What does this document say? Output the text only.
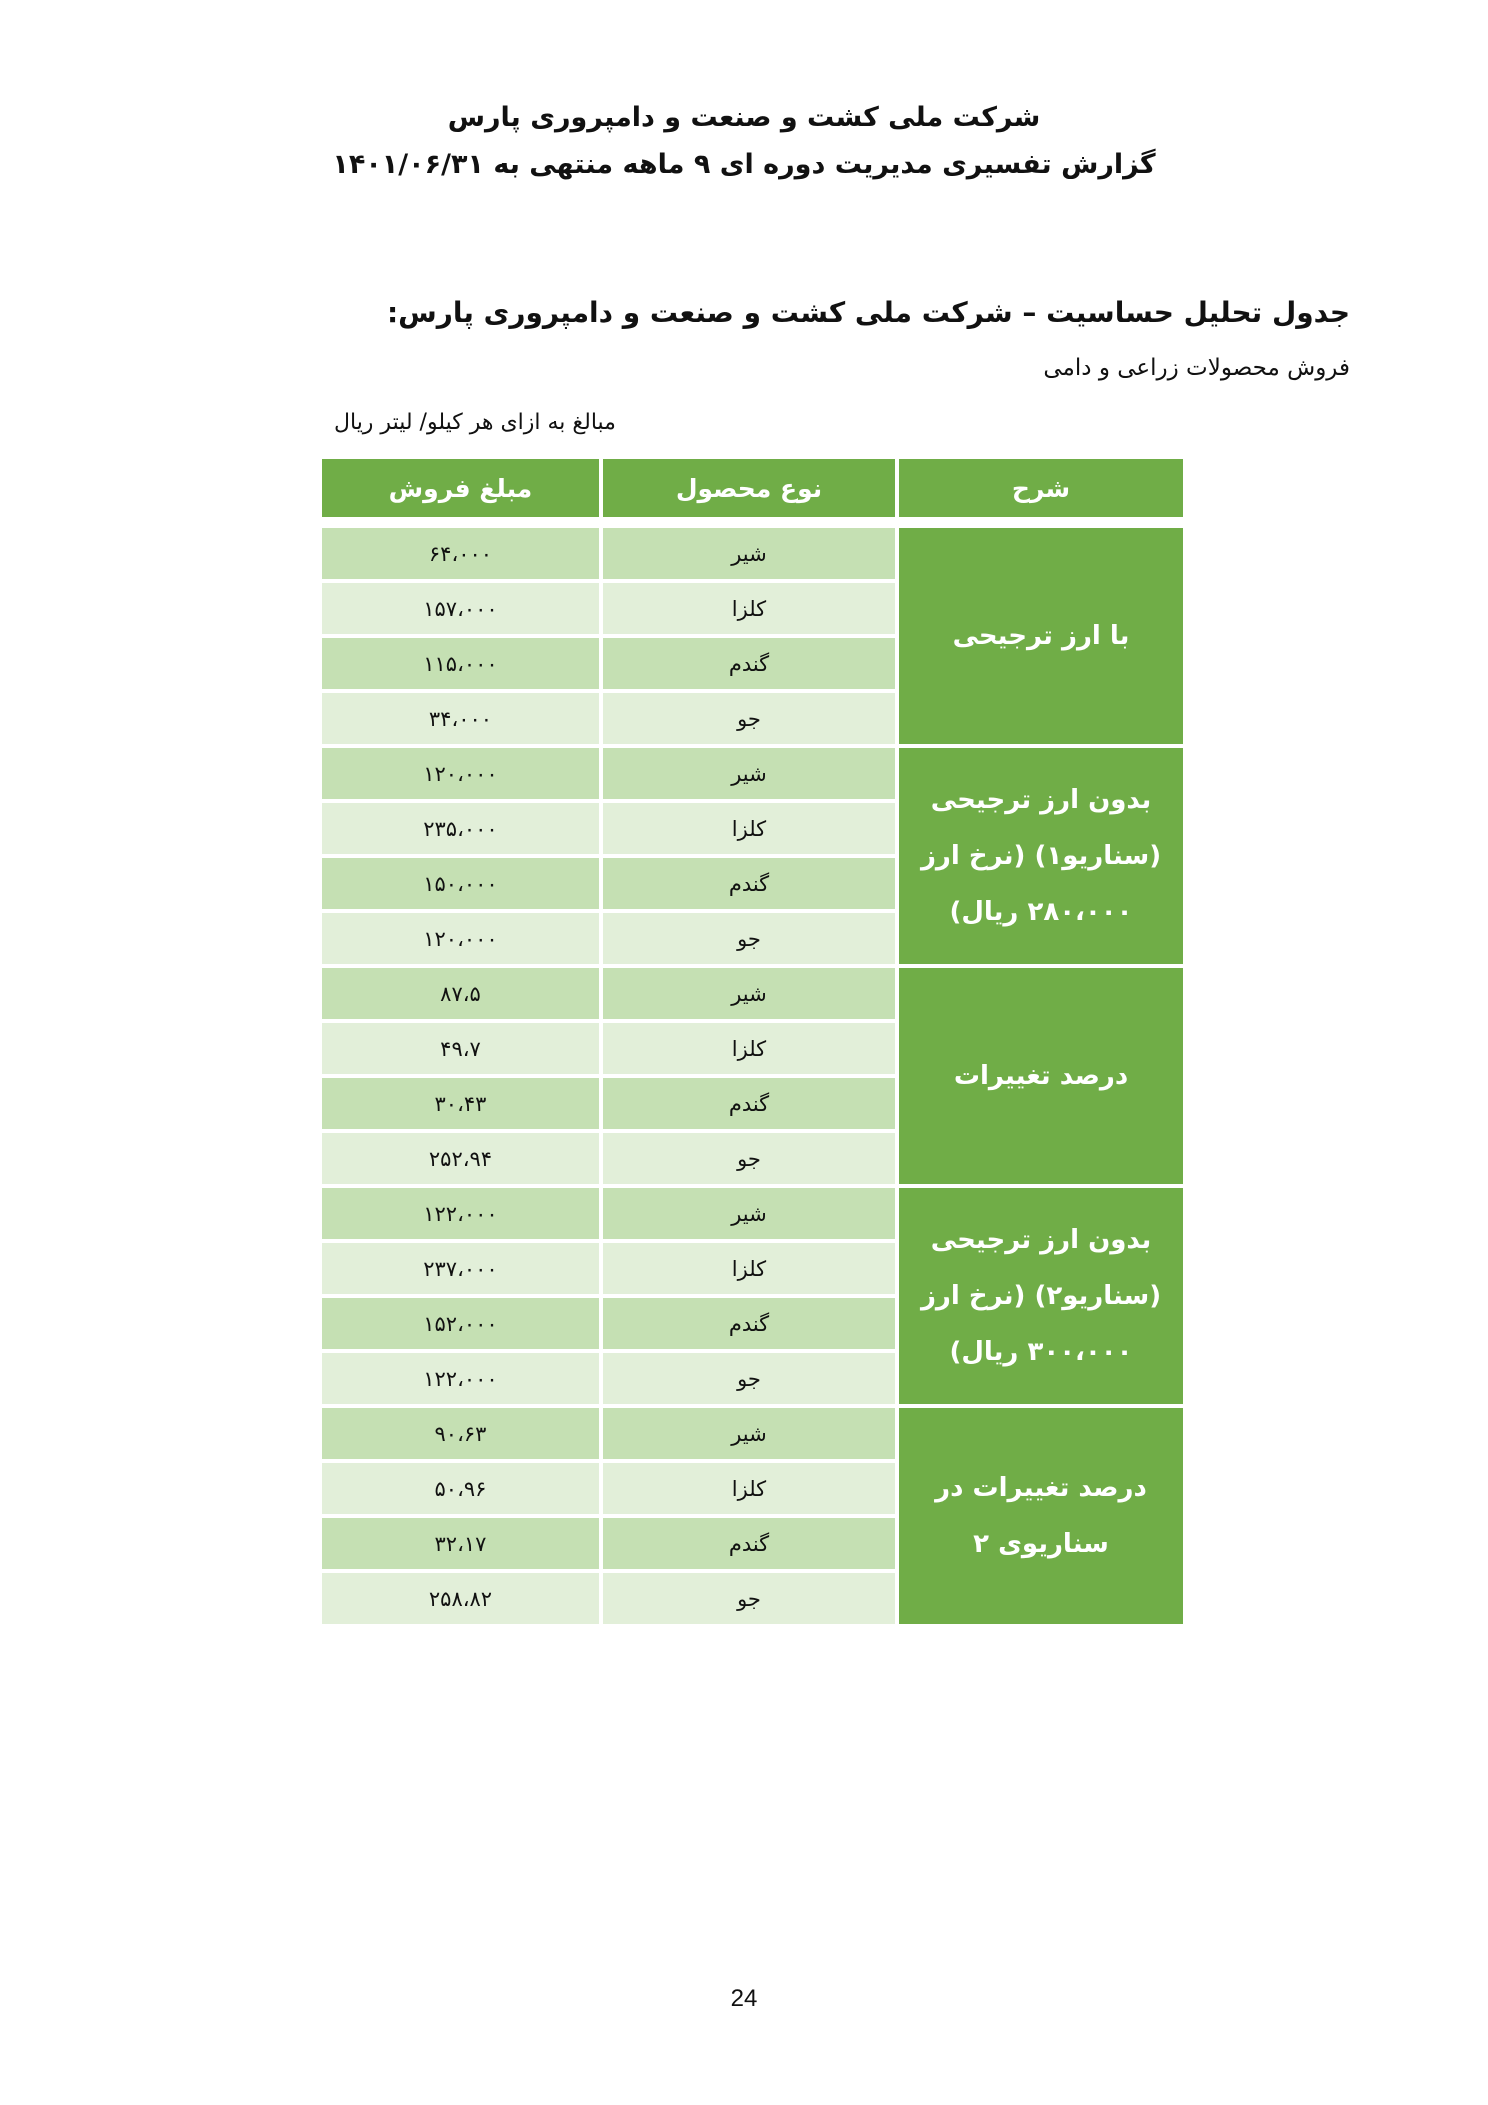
شرکت ملی کشت و صنعت و دامپروری پارس
گزارش تفسیری مدیریت دوره ای ۹ ماهه منتهی به ۱۴۰۱/۰۶/۳۱
جدول تحلیل حساسیت – شرکت ملی کشت و صنعت و دامپروری پارس:
فروش محصولات زراعی و دامی
مبالغ به ازای هر کیلو/ لیتر ریال
شرح	نوع محصول	مبلغ فروش

با ارز ترجیحی	شیر	۶۴،۰۰۰
	کلزا	۱۵۷،۰۰۰
	گندم	۱۱۵،۰۰۰
	جو	۳۴،۰۰۰

بدون ارز ترجیحی
(سناریو۱) (نرخ ارز
۲۸۰،۰۰۰ ریال)	شیر	۱۲۰،۰۰۰
	کلزا	۲۳۵،۰۰۰
	گندم	۱۵۰،۰۰۰
	جو	۱۲۰،۰۰۰

درصد تغییرات	شیر	۸۷،۵
	کلزا	۴۹،۷
	گندم	۳۰،۴۳
	جو	۲۵۲،۹۴

بدون ارز ترجیحی
(سناریو۲) (نرخ ارز
۳۰۰،۰۰۰ ریال)	شیر	۱۲۲،۰۰۰
	کلزا	۲۳۷،۰۰۰
	گندم	۱۵۲،۰۰۰
	جو	۱۲۲،۰۰۰

درصد تغییرات در
سناریوی ۲	شیر	۹۰،۶۳
	کلزا	۵۰،۹۶
	گندم	۳۲،۱۷
	جو	۲۵۸،۸۲
24
